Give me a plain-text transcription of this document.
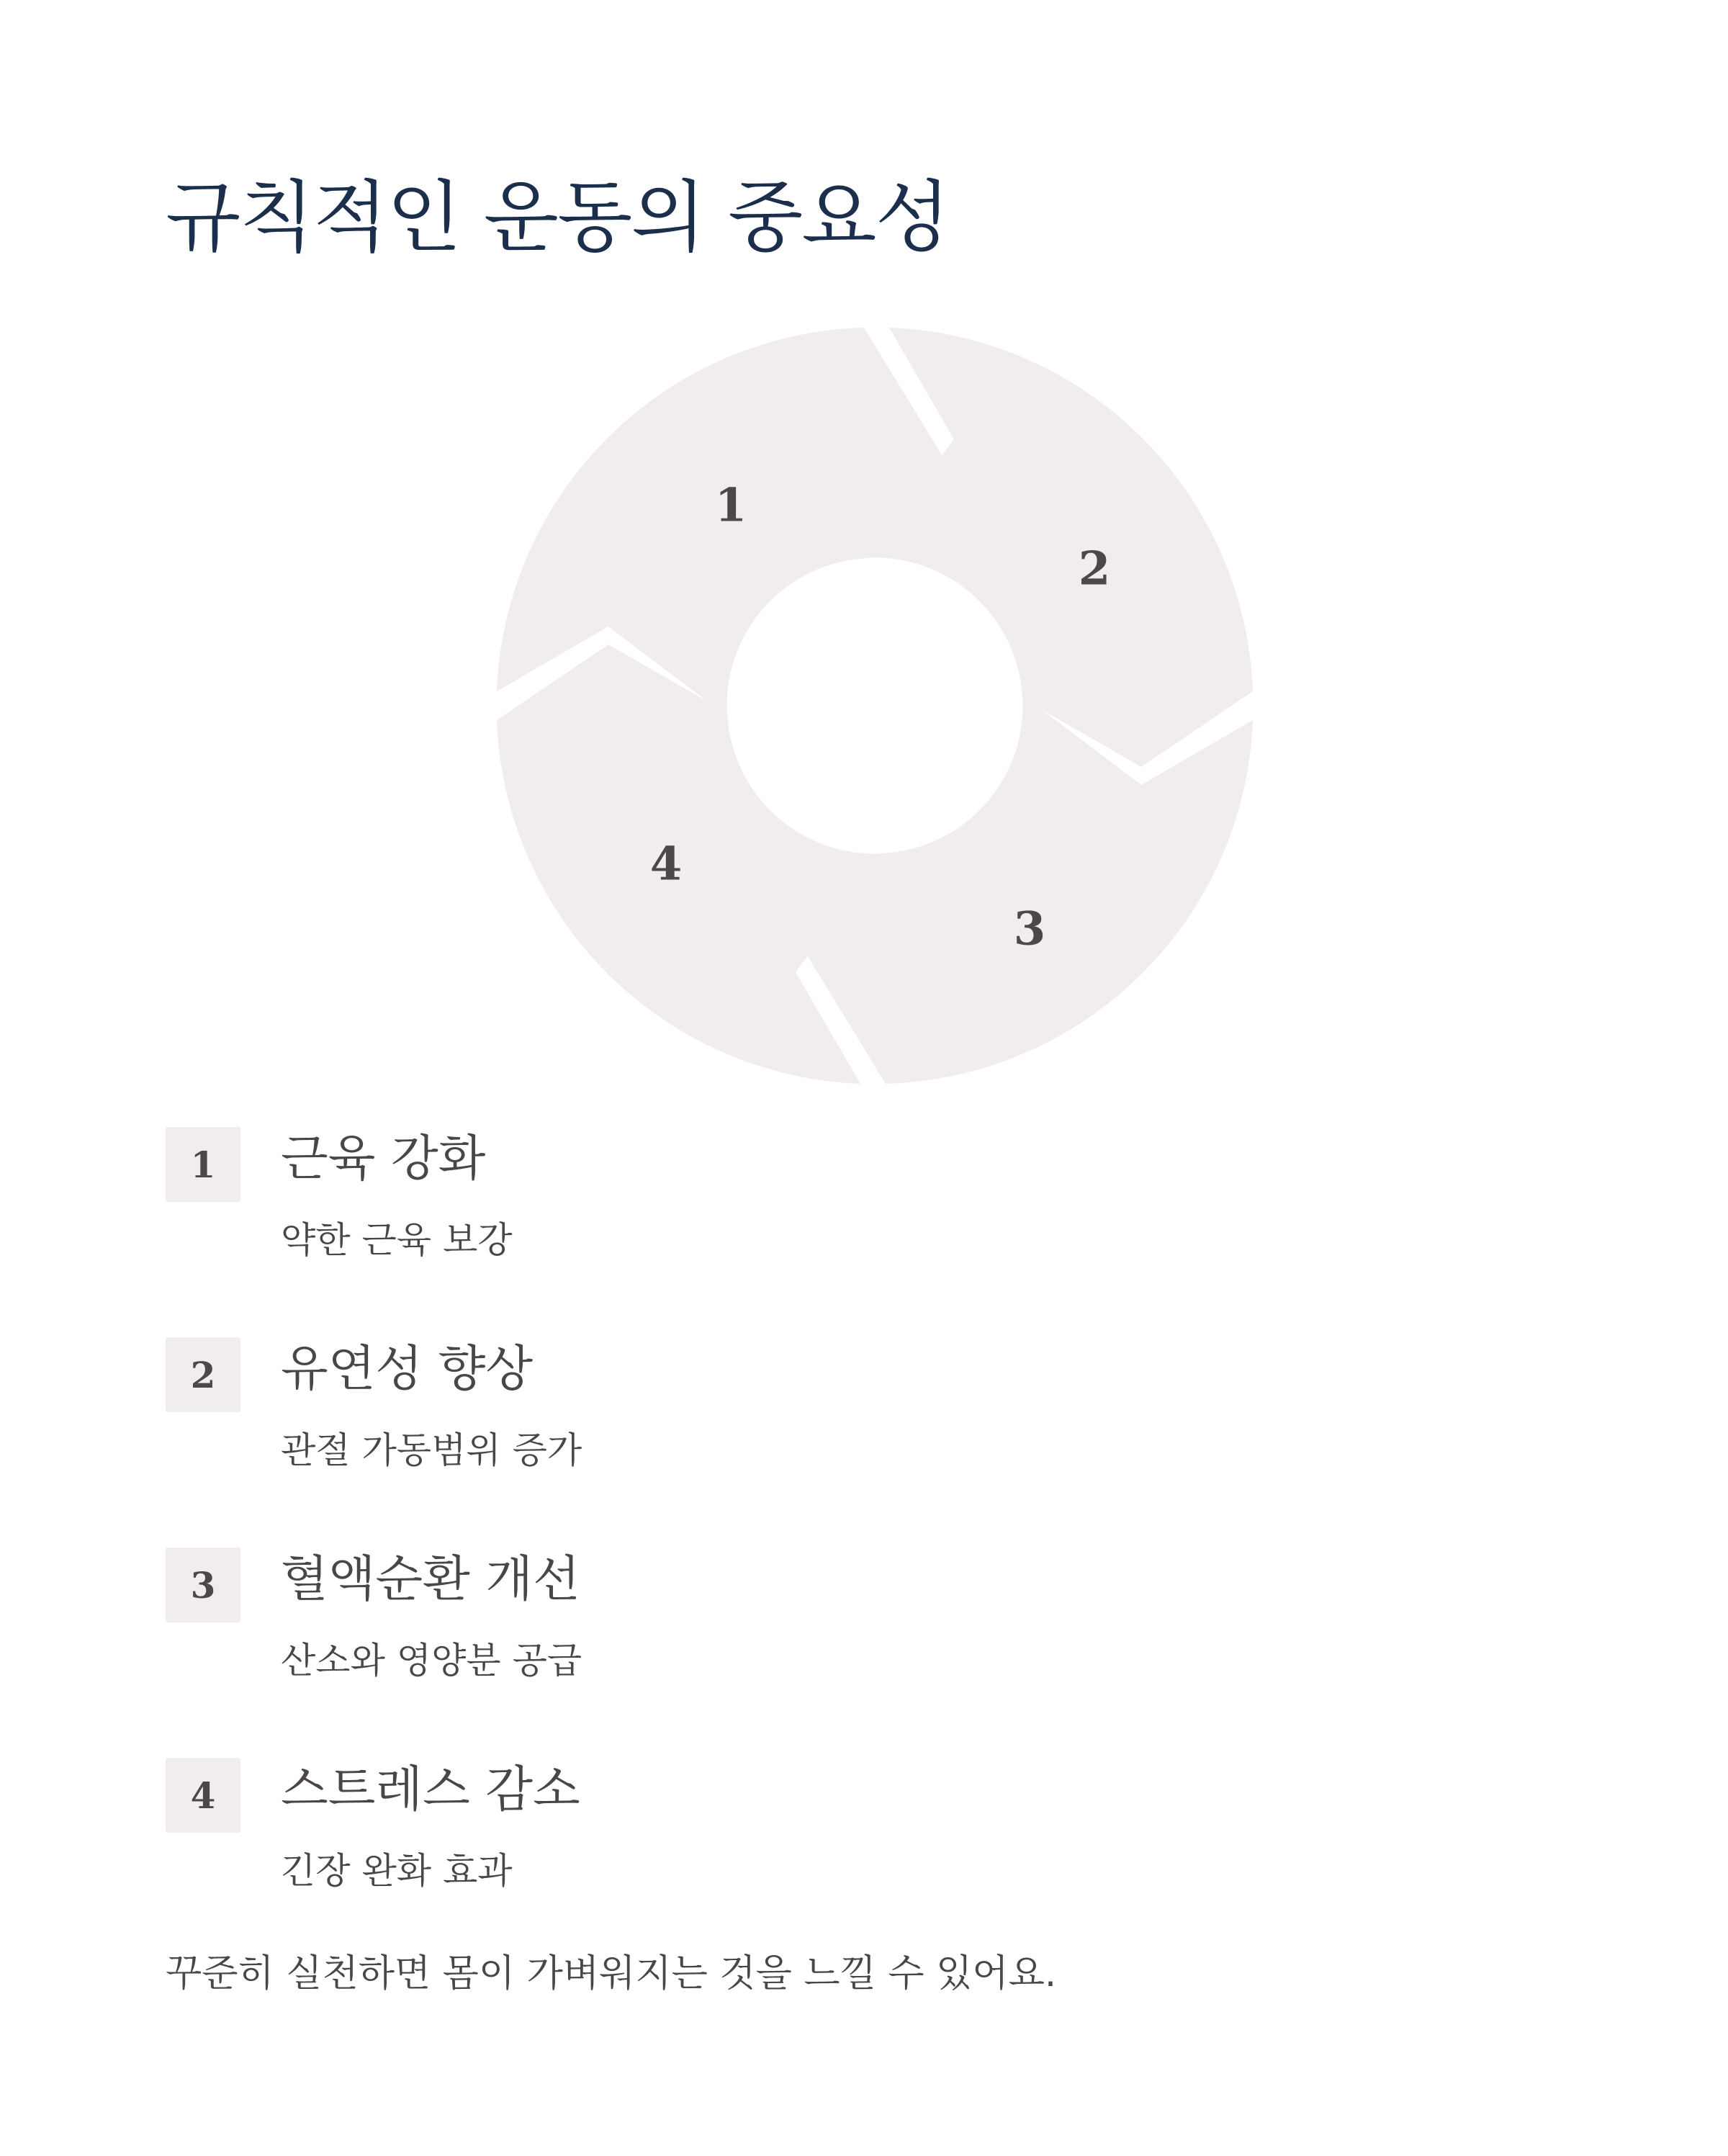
규칙적인 운동의 중요성
1
2
3
4
1	근육 강화
약한 근육 보강
2	유연성 향상
관절 가동범위 증가
3	혈액순환 개선
산소와 영양분 공급
4	스트레스 감소
긴장 완화 효과
꾸준히 실천하면 몸이 가벼워지는 것을 느낄 수 있어요.
